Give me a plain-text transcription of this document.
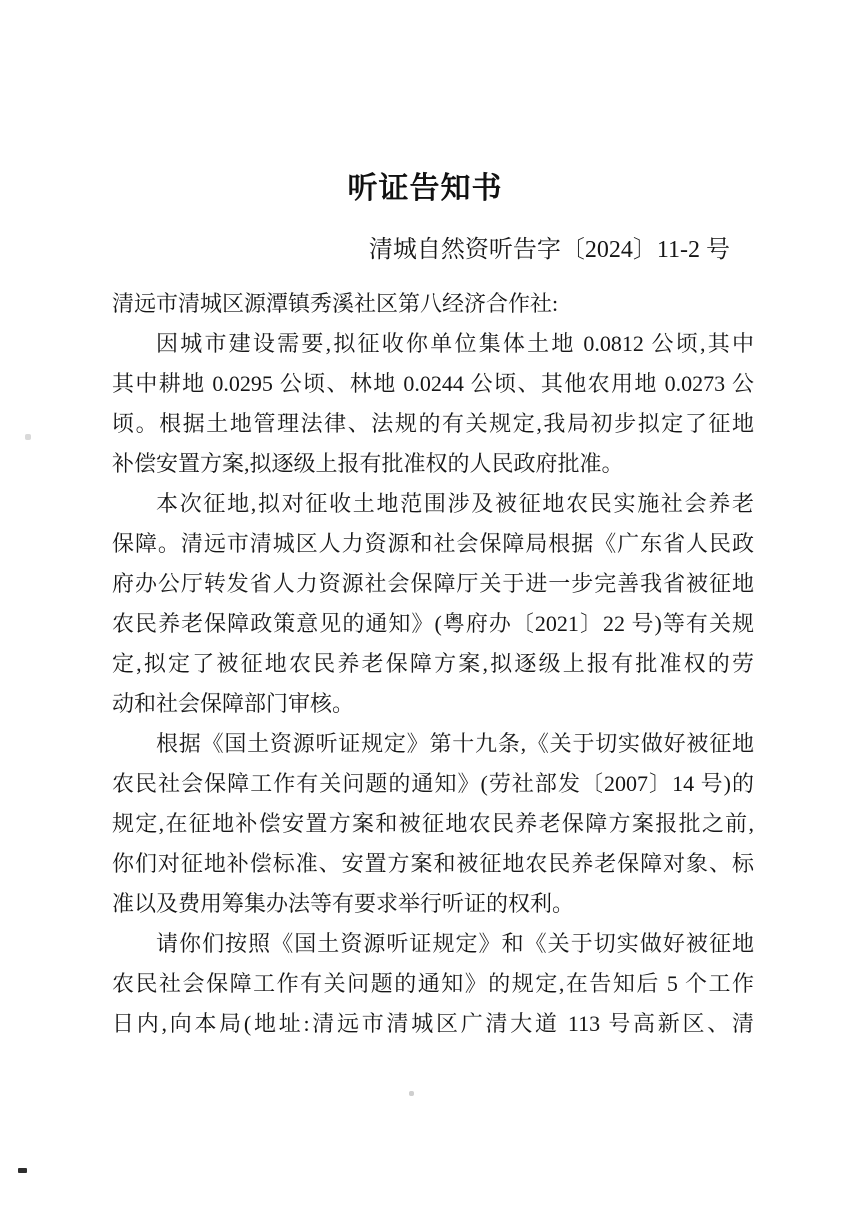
听证告知书
清城自然资听告字〔2024〕11-2 号
清远市清城区源潭镇秀溪社区第八经济合作社:
因城市建设需要,拟征收你单位集体土地 0.0812 公顷,其中
其中耕地 0.0295 公顷、林地 0.0244 公顷、其他农用地 0.0273 公
顷。根据土地管理法律、法规的有关规定,我局初步拟定了征地
补偿安置方案,拟逐级上报有批准权的人民政府批准。
本次征地,拟对征收土地范围涉及被征地农民实施社会养老
保障。清远市清城区人力资源和社会保障局根据《广东省人民政
府办公厅转发省人力资源社会保障厅关于进一步完善我省被征地
农民养老保障政策意见的通知》(粤府办〔2021〕22 号)等有关规
定,拟定了被征地农民养老保障方案,拟逐级上报有批准权的劳
动和社会保障部门审核。
根据《国土资源听证规定》第十九条,《关于切实做好被征地
农民社会保障工作有关问题的通知》(劳社部发〔2007〕14 号)的
规定,在征地补偿安置方案和被征地农民养老保障方案报批之前,
你们对征地补偿标准、安置方案和被征地农民养老保障对象、标
准以及费用筹集办法等有要求举行听证的权利。
请你们按照《国土资源听证规定》和《关于切实做好被征地
农民社会保障工作有关问题的通知》的规定,在告知后 5 个工作
日内,向本局(地址:清远市清城区广清大道 113 号高新区、清
